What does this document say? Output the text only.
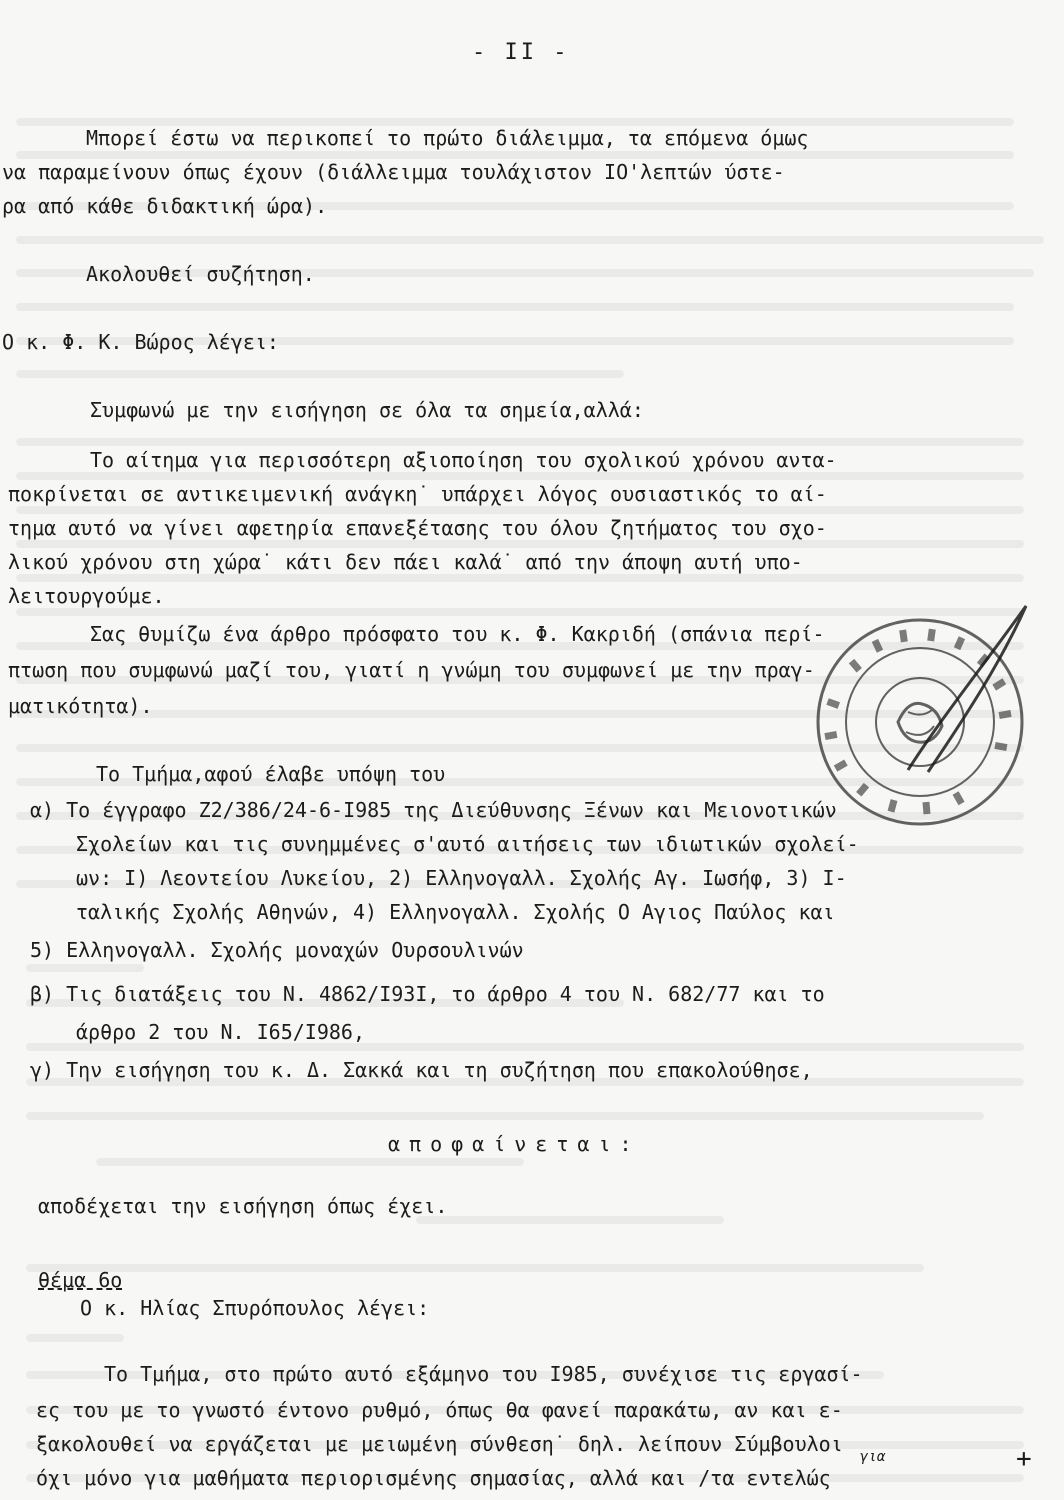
- II -
Μπορεί έστω να περικοπεί το πρώτο διάλειμμα, τα επόμενα όμως
να παραμείνουν όπως έχουν (διάλλειμμα τουλάχιστον IO'λεπτών ύστε-
ρα από κάθε διδακτική ώρα).
Ακολουθεί συζήτηση.
Ο κ. Φ. Κ. Βώρος λέγει:
Συμφωνώ με την εισήγηση σε όλα τα σημεία,αλλά:
Το αίτημα για περισσότερη αξιοποίηση του σχολικού χρόνου αντα-
ποκρίνεται σε αντικειμενική ανάγκη˙ υπάρχει λόγος ουσιαστικός το αί-
τημα αυτό να γίνει αφετηρία επανεξέτασης του όλου ζητήματος του σχο-
λικού χρόνου στη χώρα˙ κάτι δεν πάει καλά˙ από την άποψη αυτή υπο-
λειτουργούμε.
Σας θυμίζω ένα άρθρο πρόσφατο του κ. Φ. Κακριδή (σπάνια περί-
πτωση που συμφωνώ μαζί του, γιατί η γνώμη του συμφωνεί με την πραγ-
ματικότητα).
Το Τμήμα,αφού έλαβε υπόψη του
α) Το έγγραφο Ζ2/386/24-6-I985 της Διεύθυνσης Ξένων και Μειονοτικών
Σχολείων και τις συνημμένες σ'αυτό αιτήσεις των ιδιωτικών σχολεί-
ων: I) Λεοντείου Λυκείου, 2) Ελληνογαλλ. Σχολής Αγ. Ιωσήφ, 3) Ι-
ταλικής Σχολής Αθηνών, 4) Ελληνογαλλ. Σχολής Ο Αγιος Παύλος και
5) Ελληνογαλλ. Σχολής μοναχών Ουρσουλινών
β) Τις διατάξεις του Ν. 4862/I93I, το άρθρο 4 του Ν. 682/77 και το
άρθρο 2 του Ν. I65/I986,
γ) Την εισήγηση του κ. Δ. Σακκά και τη συζήτηση που επακολούθησε,
αποφαίνεται:
αποδέχεται την εισήγηση όπως έχει.
θέμα 6ο
Ο κ. Ηλίας Σπυρόπουλος λέγει:
Το Τμήμα, στο πρώτο αυτό εξάμηνο του I985, συνέχισε τις εργασί-
ες του με το γνωστό έντονο ρυθμό, όπως θα φανεί παρακάτω, αν και ε-
ξακολουθεί να εργάζεται με μειωμένη σύνθεση˙ δηλ. λείπουν Σύμβουλοι
όχι μόνο για μαθήματα περιορισμένης σημασίας, αλλά και /τα εντελώς
για	+
